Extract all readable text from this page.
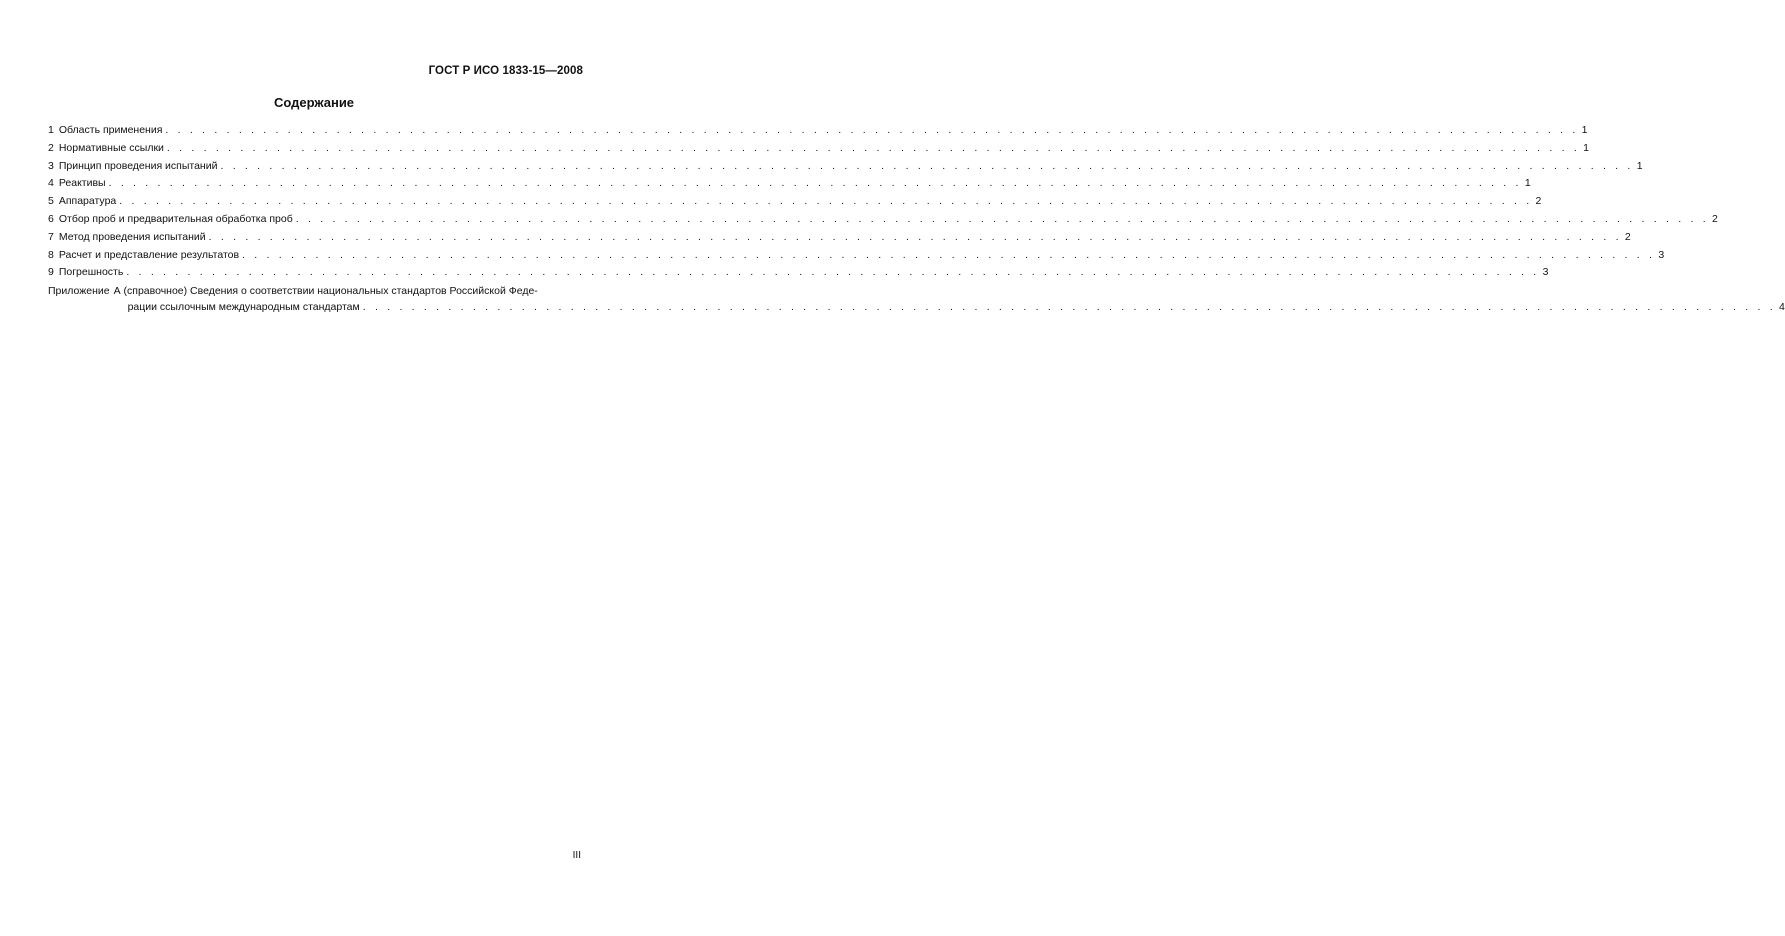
ГОСТ Р ИСО 1833-15—2008
Содержание
1 Область применения . . .	1
2 Нормативные ссылки . . .	1
3 Принцип проведения испытаний . . .	1
4 Реактивы . . .	1
5 Аппаратура . . .	2
6 Отбор проб и предварительная обработка проб . . .	2
7 Метод проведения испытаний . . .	2
8 Расчет и представление результатов . . .	3
9 Погрешность . . .	3
Приложение А (справочное) Сведения о соответствии национальных стандартов Российской Феде-
рации ссылочным международным стандартам . . .	4
III
